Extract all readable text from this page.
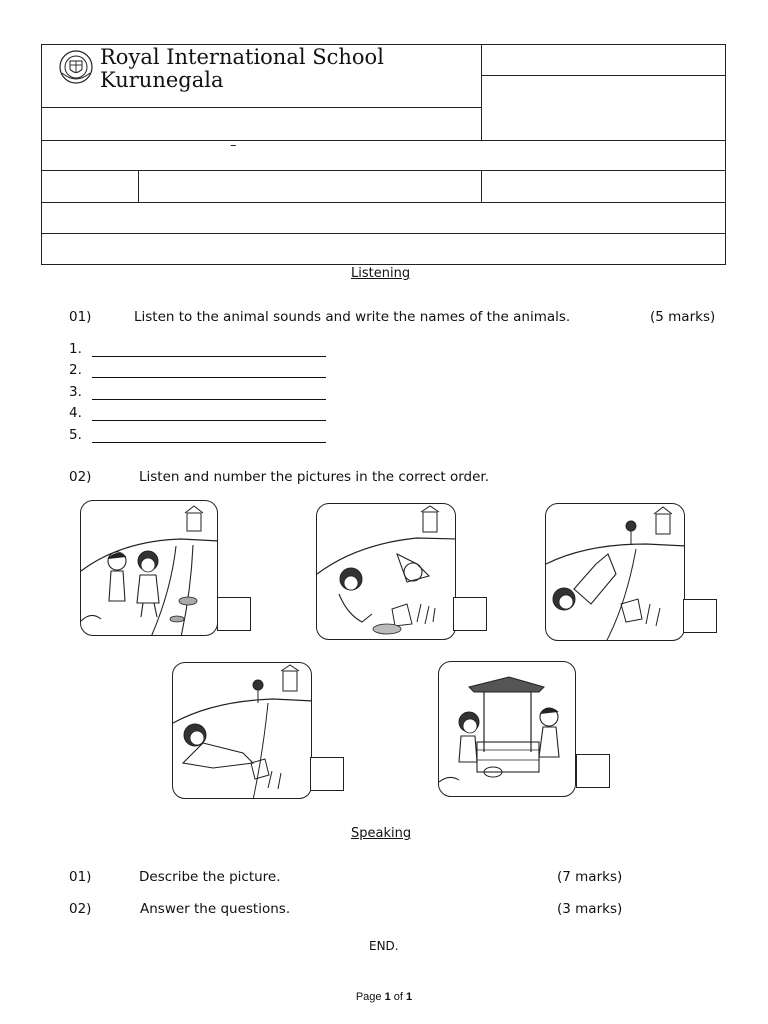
Royal International School
Kurunegala
–
Listening
01)	Listen to the animal sounds and write the names of the animals.	(5 marks)
1.
2.
3.
4.
5.
02)	Listen and number the pictures in the correct order.
Speaking
01)	Describe the picture.	(7 marks)
02)	Answer the questions.	(3 marks)
END.
Page 1 of 1
